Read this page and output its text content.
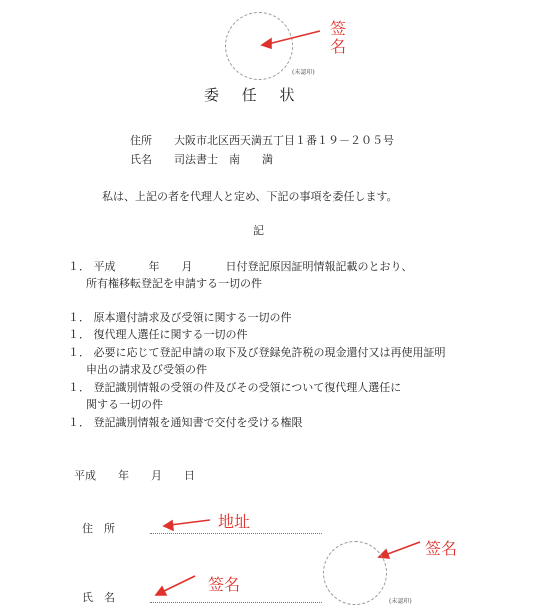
(未認印)
签
名
委 任 状
住所 大阪市北区西天満五丁目１番１９－２０５号
氏名 司法書士　南　　満
私は、上記の者を代理人と定め、下記の事項を委任します。
記
１． 平成　　　年　　月　　　日付登記原因証明情報記載のとおり、
所有権移転登記を申請する一切の件
１． 原本還付請求及び受領に関する一切の件
１． 復代理人選任に関する一切の件
１． 必要に応じて登記申請の取下及び登録免許税の現金還付又は再使用証明
申出の請求及び受領の件
１． 登記識別情報の受領の件及びその受領について復代理人選任に
関する一切の件
１． 登記識別情報を通知書で交付を受ける権限
平成　　年　　月　　日
住　所	地址
氏　名
签名
(未認印)
签名
